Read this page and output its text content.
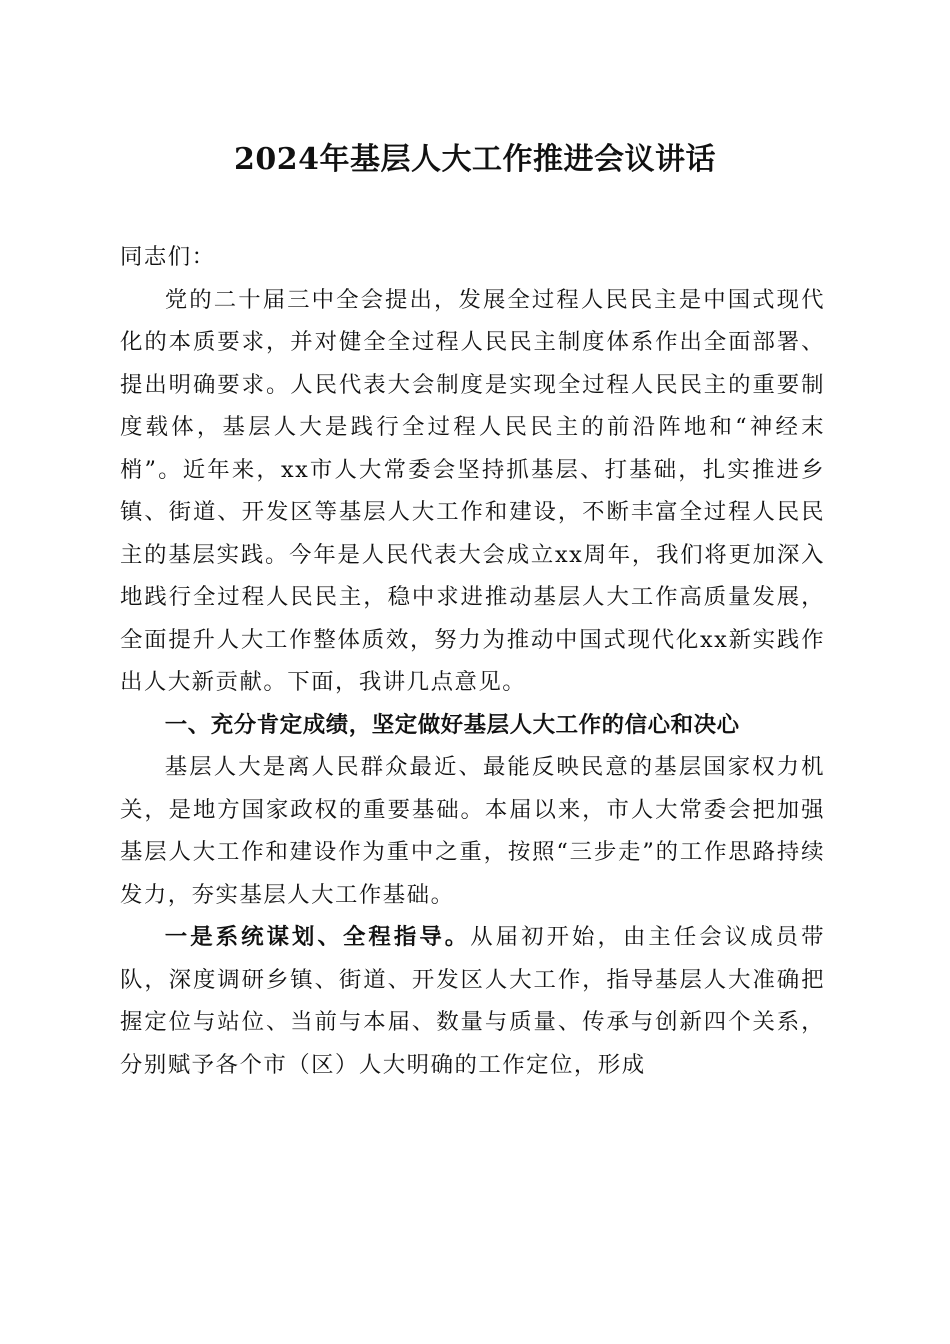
2024年基层人大工作推进会议讲话

同志们：

党的二十届三中全会提出，发展全过程人民民主是中国式现代化的本质要求，并对健全全过程人民民主制度体系作出全面部署、提出明确要求。人民代表大会制度是实现全过程人民民主的重要制度载体，基层人大是践行全过程人民民主的前沿阵地和“神经末梢”。近年来，xx市人大常委会坚持抓基层、打基础，扎实推进乡镇、街道、开发区等基层人大工作和建设，不断丰富全过程人民民主的基层实践。今年是人民代表大会成立xx周年，我们将更加深入地践行全过程人民民主，稳中求进推动基层人大工作高质量发展，全面提升人大工作整体质效，努力为推动中国式现代化xx新实践作出人大新贡献。下面，我讲几点意见。

一、充分肯定成绩，坚定做好基层人大工作的信心和决心

基层人大是离人民群众最近、最能反映民意的基层国家权力机关，是地方国家政权的重要基础。本届以来，市人大常委会把加强基层人大工作和建设作为重中之重，按照“三步走”的工作思路持续发力，夯实基层人大工作基础。

一是系统谋划、全程指导。从届初开始，由主任会议成员带队，深度调研乡镇、街道、开发区人大工作，指导基层人大准确把握定位与站位、当前与本届、数量与质量、传承与创新四个关系，分别赋予各个市（区）人大明确的工作定位，形成
